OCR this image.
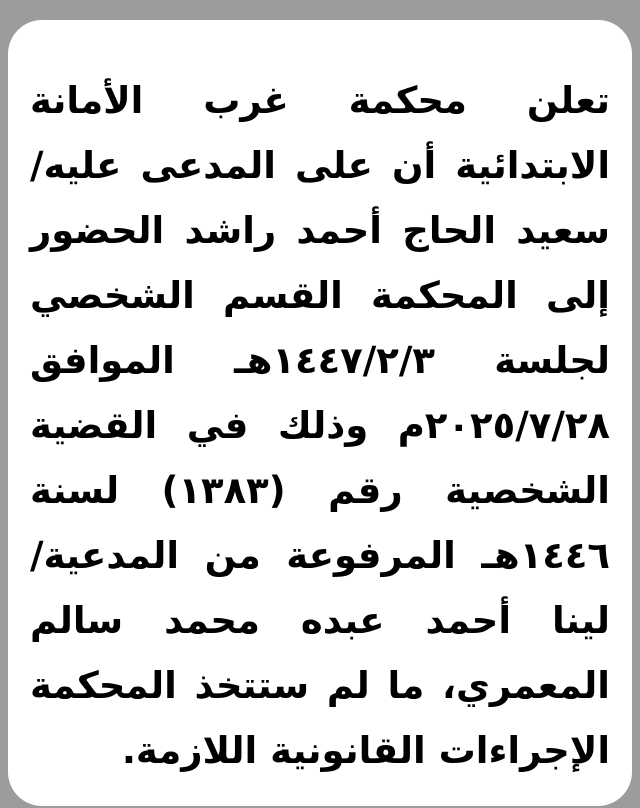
تعلن محكمة غرب الأمانة
الابتدائية أن على المدعى عليه/
سعيد الحاج أحمد راشد الحضور
إلى المحكمة القسم الشخصي
لجلسة ١٤٤٧/٢/٣هـ الموافق
٢٠٢٥/٧/٢٨م وذلك في القضية
الشخصية رقم (١٣٨٣) لسنة
١٤٤٦هـ المرفوعة من المدعية/
لينا أحمد عبده محمد سالم
المعمري، ما لم ستتخذ المحكمة
الإجراءات القانونية اللازمة.
